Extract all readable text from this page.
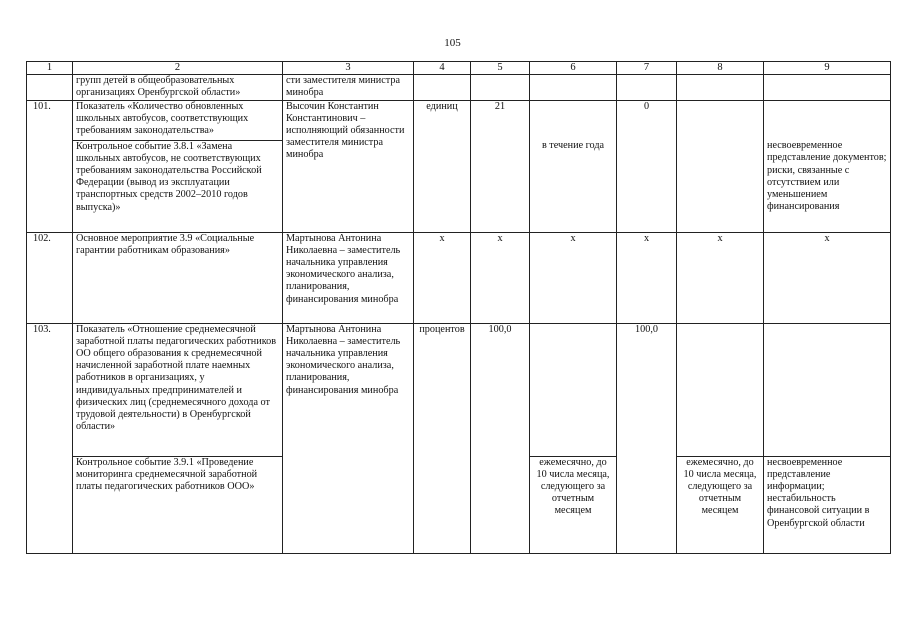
105
1	2	3	4	5	6	7	8	9
	групп детей в общеобразовательных организациях Оренбургской области»	сти заместителя министра минобра						
101.	Показатель «Количество обновленных школьных автобусов, соответствующих требованиям законодательства»	Высочин Константин Константинович – исполняющий обязанности заместителя министра минобра	единиц	21		0		
	Контрольное событие 3.8.1 «Замена школьных автобусов, не соответствующих требованиям законодательства Российской Федерации (вывод из эксплуатации транспортных средств 2002–2010 годов выпуска)»				в течение года			несвоевременное представление документов;
риски, связанные с отсутствием или уменьшением финансирования
102.	Основное мероприятие 3.9 «Социальные гарантии работникам образования»	Мартынова Антонина Николаевна – заместитель начальника управления экономического анализа, планирования, финансирования минобра	x	x	x	x	x	x
103.	Показатель «Отношение среднемесячной заработной платы педагогических работников ОО общего образования к среднемесячной начисленной заработной плате наемных работников в организациях, у индивидуальных предпринимателей и физических лиц (среднемесячного дохода от трудовой деятельности) в Оренбургской области»	Мартынова Антонина Николаевна – заместитель начальника управления экономического анализа, планирования, финансирования минобра	процентов	100,0		100,0		
	Контрольное событие 3.9.1 «Проведение мониторинга среднемесячной заработной платы педагогических работников ООО»				ежемесячно, до 10 числа месяца, следующего за отчетным месяцем		ежемесячно, до 10 числа месяца, следующего за отчетным месяцем	несвоевременное представление информации;
нестабильность финансовой ситуации в Оренбургской области
